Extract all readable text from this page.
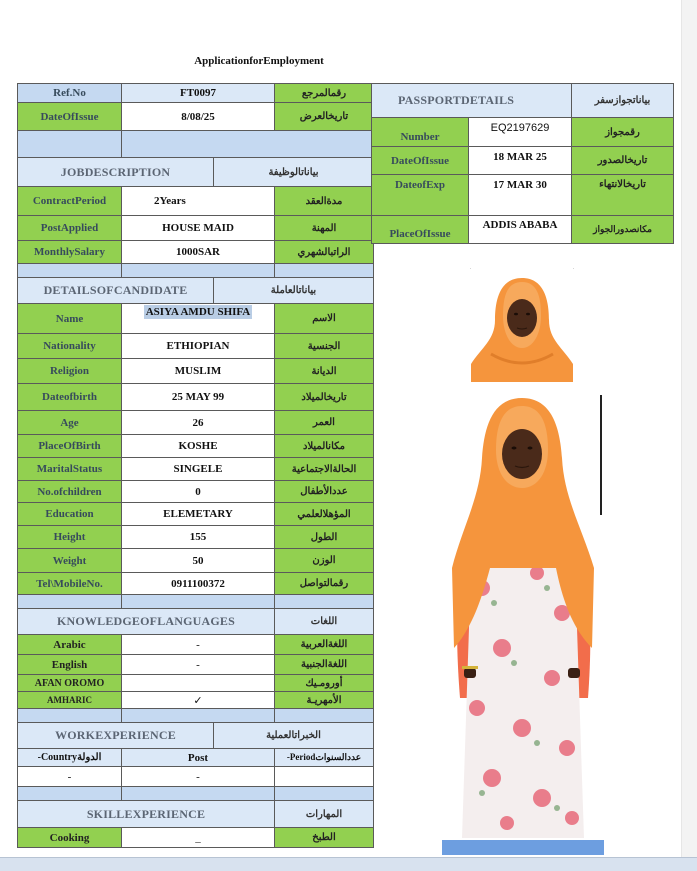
ApplicationforEmployment
Ref.No	FT0097		رقمالمرجع
DateOfIssue	8/08/25		تاريخالعرض

JOBDESCRIPTION		بياناتالوظيفة	
ContractPeriod	2Years		مدةالعقد
PostApplied	HOUSE MAID		المهنة
MonthlySalary	1000SAR		الراتبالشهري

DETAILSOFCANDIDATE		بياناتالعاملة	
Name	ASIYA AMDU SHIFA		الاسم
Nationality	ETHIOPIAN		الجنسية
Religion	MUSLIM		الديانة
Dateofbirth	25 MAY 99		تاريخالميلاد
Age	26		العمر
PlaceOfBirth	KOSHE		مكانالميلاد
MaritalStatus	SINGELE		الحالةالاجتماعية
No.ofchildren	0		عددالأطفال
Education	ELEMETARY		المؤهلالعلمي
Height	155		الطول
Weight	50		الوزن
Tel\MobileNo.	0911100372		رقمالتواصل

KNOWLEDGEOFLANGUAGES			اللغات
Arabic	-		اللغةالعربية
English	-		اللغةالجنبية
AFAN OROMO			أورومـيك
AMHARIC	✓		الأمهريـة

WORKEXPERIENCE		الخبراتالعملية	
-Countryالدولة	Post		-Periodعددالسنوات
-	-		

SKILLEXPERIENCE			المهارات
Cooking	_		الطبخ
PASSPORTDETAILS		بياناتجوازسفر
Number	EQ2197629	رقمجواز
DateOfIssue	18 MAR 25	تاريخالصدور
DateofExp	17 MAR 30	تاريخالانتهاء
PlaceOfIssue	ADDIS ABABA	مكانصدورالجواز
